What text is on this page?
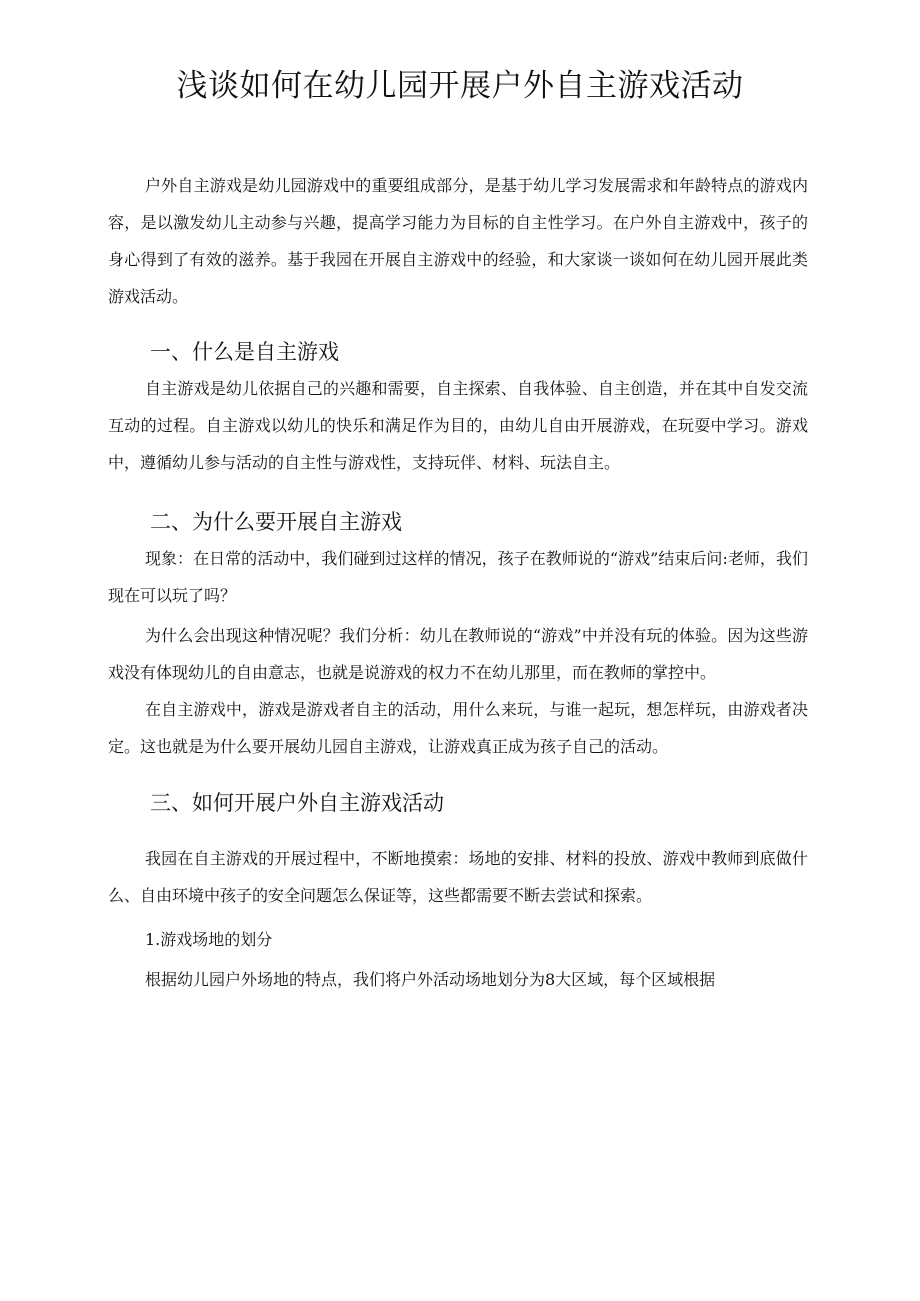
浅谈如何在幼儿园开展户外自主游戏活动

户外自主游戏是幼儿园游戏中的重要组成部分，是基于幼儿学习发展需求和年龄特点的游戏内容，是以激发幼儿主动参与兴趣，提高学习能力为目标的自主性学习。在户外自主游戏中，孩子的身心得到了有效的滋养。基于我园在开展自主游戏中的经验，和大家谈一谈如何在幼儿园开展此类游戏活动。

一、什么是自主游戏

自主游戏是幼儿依据自己的兴趣和需要，自主探索、自我体验、自主创造，并在其中自发交流互动的过程。自主游戏以幼儿的快乐和满足作为目的，由幼儿自由开展游戏，在玩耍中学习。游戏中，遵循幼儿参与活动的自主性与游戏性，支持玩伴、材料、玩法自主。

二、为什么要开展自主游戏

现象：在日常的活动中，我们碰到过这样的情况，孩子在教师说的“游戏”结束后问:老师，我们现在可以玩了吗？

为什么会出现这种情况呢？我们分析：幼儿在教师说的“游戏”中并没有玩的体验。因为这些游戏没有体现幼儿的自由意志，也就是说游戏的权力不在幼儿那里，而在教师的掌控中。

在自主游戏中，游戏是游戏者自主的活动，用什么来玩，与谁一起玩，想怎样玩，由游戏者决定。这也就是为什么要开展幼儿园自主游戏，让游戏真正成为孩子自己的活动。

三、如何开展户外自主游戏活动

我园在自主游戏的开展过程中，不断地摸索：场地的安排、材料的投放、游戏中教师到底做什么、自由环境中孩子的安全问题怎么保证等，这些都需要不断去尝试和探索。

1.游戏场地的划分

根据幼儿园户外场地的特点，我们将户外活动场地划分为8大区域，每个区域根据
